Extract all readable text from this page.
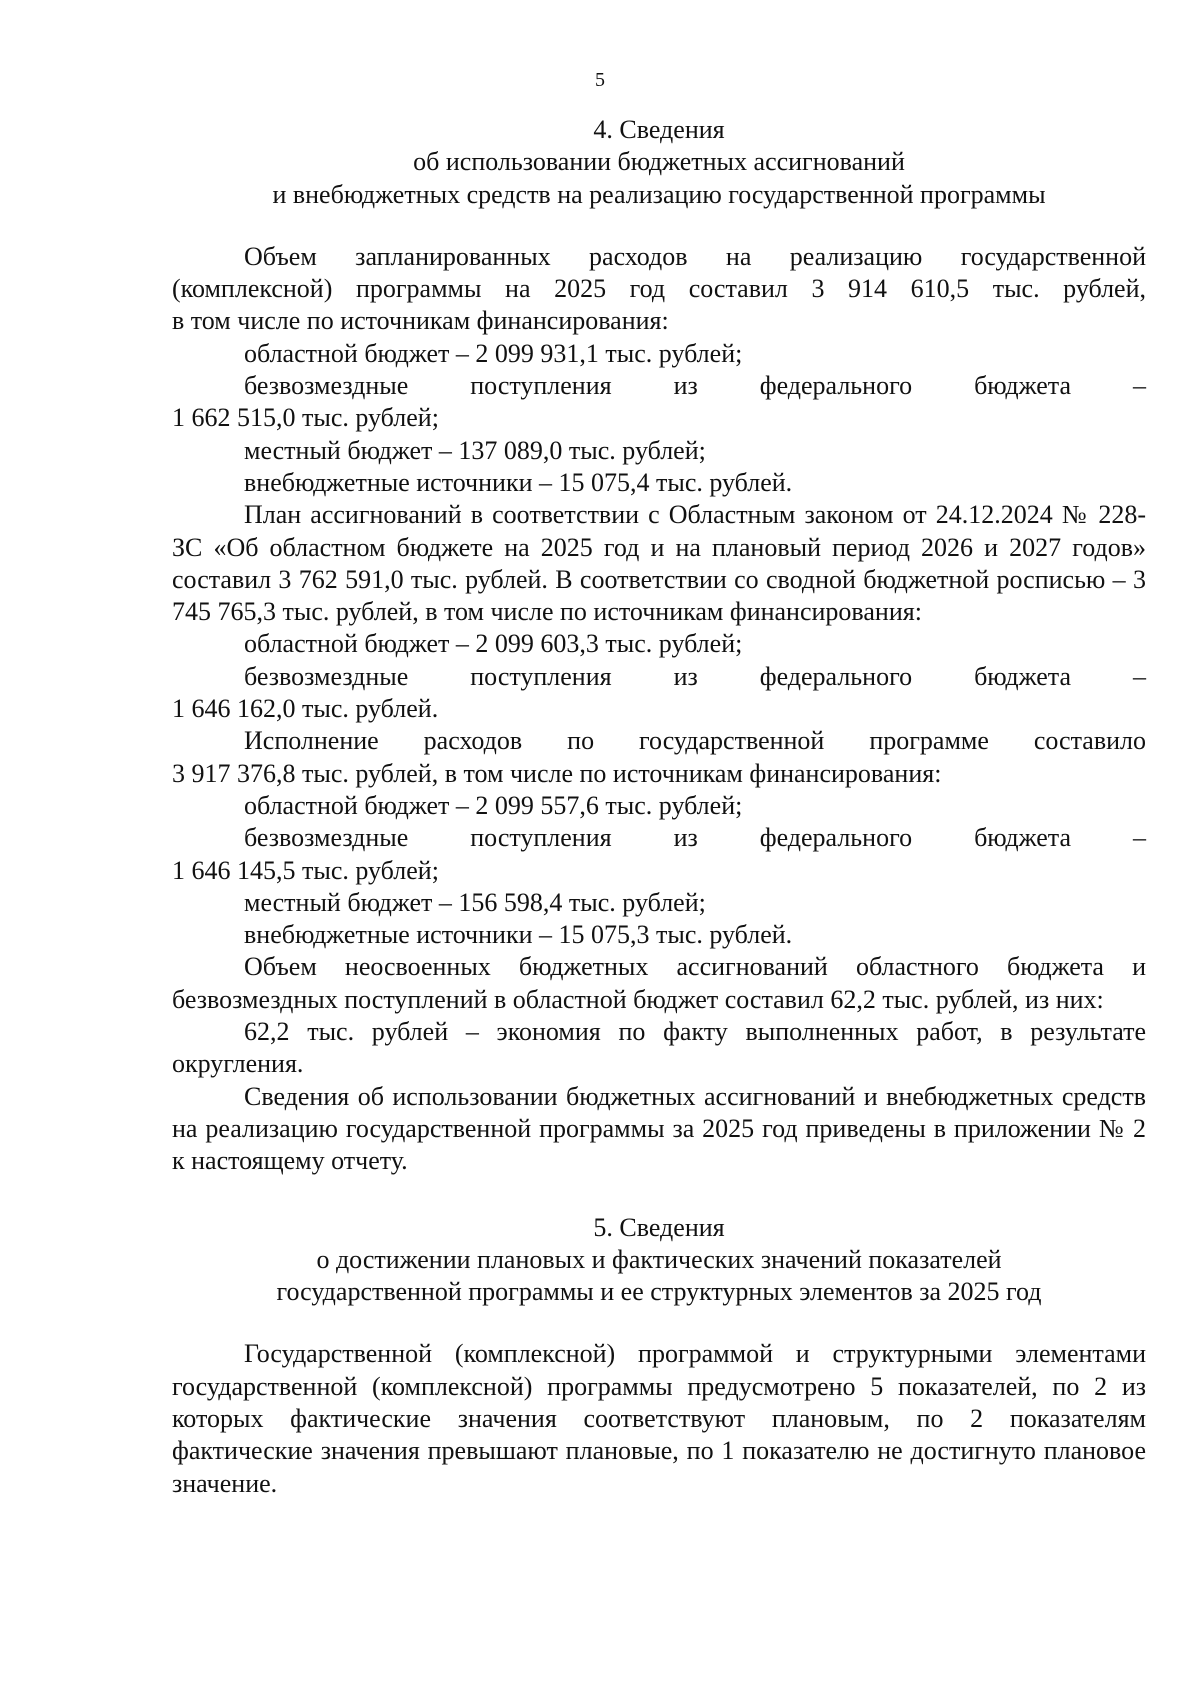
5
4. Сведения
об использовании бюджетных ассигнований
и внебюджетных средств на реализацию государственной программы

Объем запланированных расходов на реализацию государственной

(комплексной) программы на 2025 год составил 3 914 610,5 тыс. рублей,

в том числе по источникам финансирования:

областной бюджет – 2 099 931,1 тыс. рублей;

безвозмездные поступления из федерального бюджета –

1 662 515,0 тыс. рублей;

местный бюджет – 137 089,0 тыс. рублей;

внебюджетные источники – 15 075,4 тыс. рублей.

План ассигнований в соответствии с Областным законом от 24.12.2024 № 228-ЗС «Об областном бюджете на 2025 год и на плановый период 2026 и 2027 годов» составил 3 762 591,0 тыс. рублей. В соответствии со сводной бюджетной росписью – 3 745 765,3 тыс. рублей, в том числе по источникам финансирования:

областной бюджет – 2 099 603,3 тыс. рублей;

безвозмездные поступления из федерального бюджета –

1 646 162,0 тыс. рублей.

Исполнение расходов по государственной программе составило

3 917 376,8 тыс. рублей, в том числе по источникам финансирования:

областной бюджет – 2 099 557,6 тыс. рублей;

безвозмездные поступления из федерального бюджета –

1 646 145,5 тыс. рублей;

местный бюджет – 156 598,4 тыс. рублей;

внебюджетные источники – 15 075,3 тыс. рублей.

Объем неосвоенных бюджетных ассигнований областного бюджета и безвозмездных поступлений в областной бюджет составил 62,2 тыс. рублей, из них:

62,2 тыс. рублей – экономия по факту выполненных работ, в результате округления.

Сведения об использовании бюджетных ассигнований и внебюджетных средств на реализацию государственной программы за 2025 год приведены в приложении № 2 к настоящему отчету.

5. Сведения
о достижении плановых и фактических значений показателей
государственной программы и ее структурных элементов за 2025 год

Государственной (комплексной) программой и структурными элементами государственной (комплексной) программы предусмотрено 5 показателей, по 2 из которых фактические значения соответствуют плановым, по 2 показателям фактические значения превышают плановые, по 1 показателю не достигнуто плановое значение.
